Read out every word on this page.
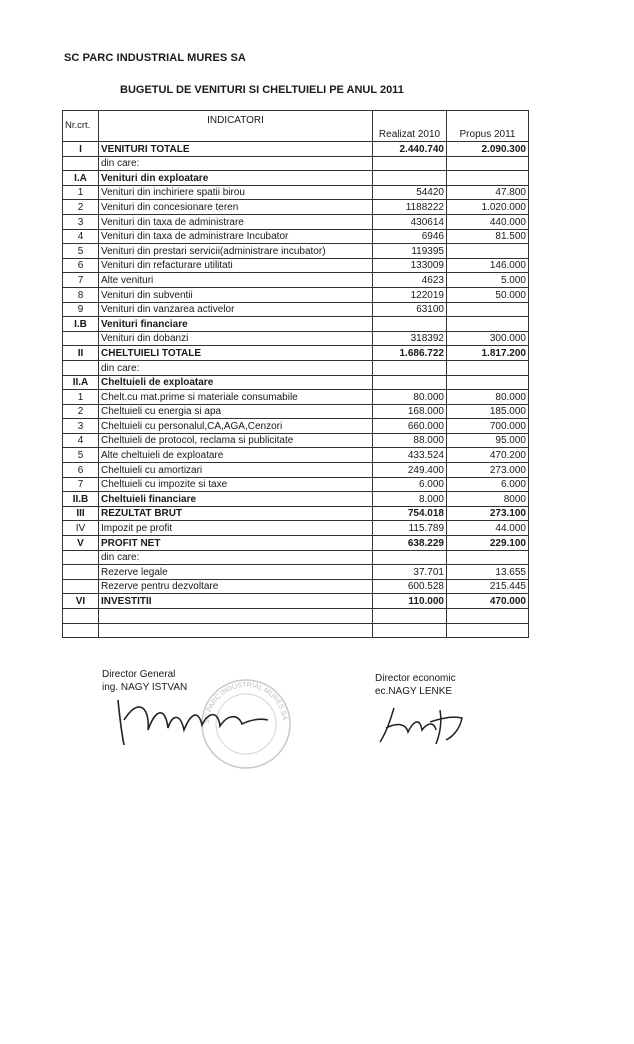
SC PARC INDUSTRIAL MURES SA
BUGETUL DE VENITURI SI CHELTUIELI PE ANUL 2011
Nr.crt.	INDICATORI	Realizat 2010	Propus 2011
I	VENITURI TOTALE	2.440.740	2.090.300
	din care:		
I.A	Venituri din exploatare		
1	Venituri din inchiriere spatii birou	54420	47.800
2	Venituri din concesionare teren	1188222	1.020.000
3	Venituri din taxa de administrare	430614	440.000
4	Venituri din taxa de administrare Incubator	6946	81.500
5	Venituri din prestari servicii(administrare incubator)	119395	
6	Venituri din refacturare utilitati	133009	146.000
7	Alte venituri	4623	5.000
8	Venituri din subventii	122019	50.000
9	Venituri din vanzarea activelor	63100	
I.B	Venituri financiare		
	Venituri din dobanzi	318392	300.000
II	CHELTUIELI TOTALE	1.686.722	1.817.200
	din care:		
II.A	Cheltuieli de exploatare		
1	Chelt.cu mat.prime si materiale consumabile	80.000	80.000
2	Cheltuieli cu energia si apa	168.000	185.000
3	Cheltuieli cu personalul,CA,AGA,Cenzori	660.000	700.000
4	Cheltuieli de protocol, reclama si publicitate	88.000	95.000
5	Alte cheltuieli de exploatare	433.524	470.200
6	Cheltuieli cu amortizari	249.400	273.000
7	Cheltuieli cu impozite si taxe	6.000	6.000
II.B	Cheltuieli financiare	8.000	8000
III	REZULTAT BRUT	754.018	273.100
IV	Impozit pe profit	115.789	44.000
V	PROFIT NET	638.229	229.100
	din care:		
	Rezerve legale	37.701	13.655
	Rezerve pentru dezvoltare	600.528	215.445
VI	INVESTITII	110.000	470.000

SC PARC INDUSTRIAL MURES SA
Director General
ing. NAGY ISTVAN
Director economic
ec.NAGY LENKE
